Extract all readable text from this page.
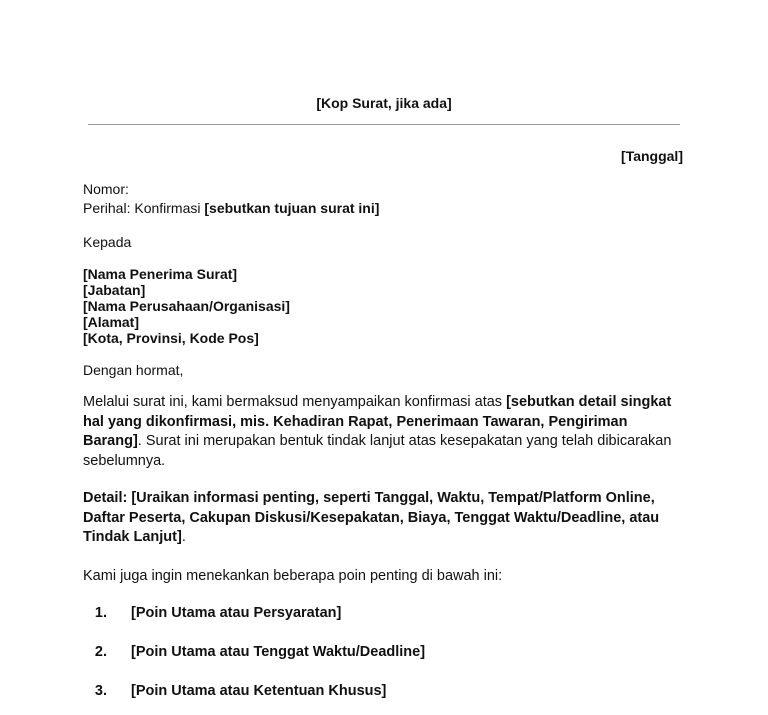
[Kop Surat, jika ada]
[Tanggal]
Nomor:
Perihal: Konfirmasi [sebutkan tujuan surat ini]
Kepada
[Nama Penerima Surat]
[Jabatan]
[Nama Perusahaan/Organisasi]
[Alamat]
[Kota, Provinsi, Kode Pos]
Dengan hormat,
Melalui surat ini, kami bermaksud menyampaikan konfirmasi atas [sebutkan detail singkat hal yang dikonfirmasi, mis. Kehadiran Rapat, Penerimaan Tawaran, Pengiriman Barang]. Surat ini merupakan bentuk tindak lanjut atas kesepakatan yang telah dibicarakan sebelumnya.
Detail: [Uraikan informasi penting, seperti Tanggal, Waktu, Tempat/Platform Online, Daftar Peserta, Cakupan Diskusi/Kesepakatan, Biaya, Tenggat Waktu/Deadline, atau Tindak Lanjut].
Kami juga ingin menekankan beberapa poin penting di bawah ini:
1. [Poin Utama atau Persyaratan]
2. [Poin Utama atau Tenggat Waktu/Deadline]
3. [Poin Utama atau Ketentuan Khusus]
